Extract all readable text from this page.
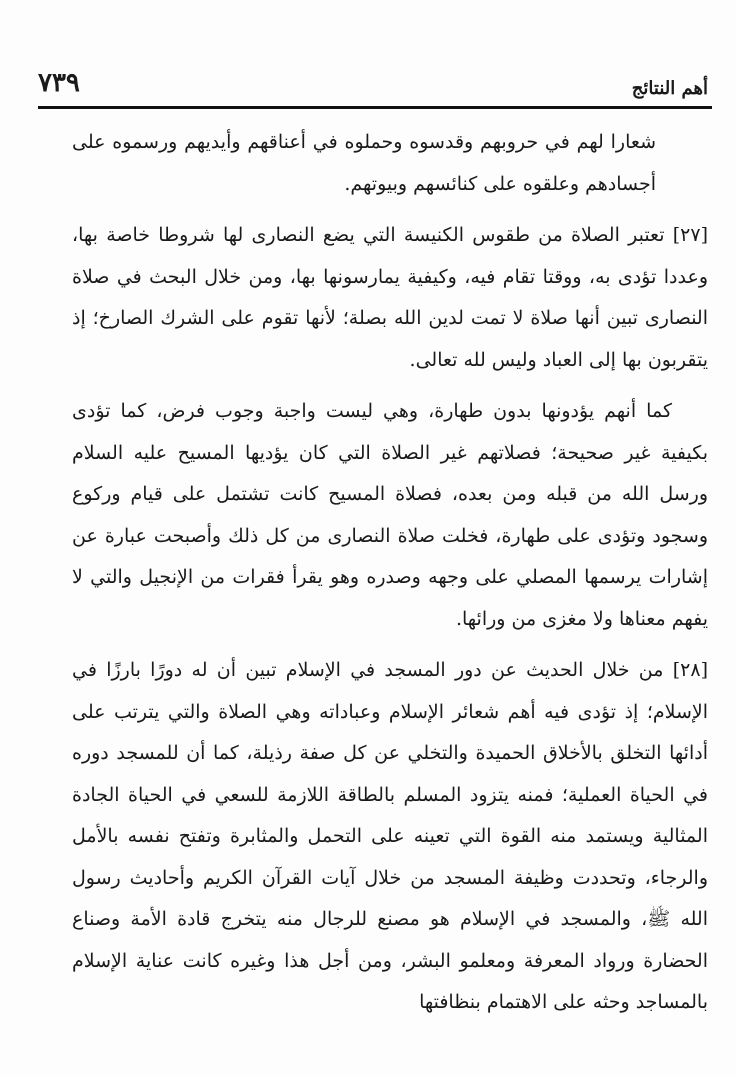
أهم النتائج
٧٣٩

شعارا لهم في حروبهم وقدسوه وحملوه في أعناقهم وأيديهم ورسموه على أجسادهم وعلقوه على كنائسهم وبيوتهم.

[٢٧] تعتبر الصلاة من طقوس الكنيسة التي يضع النصارى لها شروطا خاصة بها، وعددا تؤدى به، ووقتا تقام فيه، وكيفية يمارسونها بها، ومن خلال البحث في صلاة النصارى تبين أنها صلاة لا تمت لدين الله بصلة؛ لأنها تقوم على الشرك الصارخ؛ إذ يتقربون بها إلى العباد وليس لله تعالى.

كما أنهم يؤدونها بدون طهارة، وهي ليست واجبة وجوب فرض، كما تؤدى بكيفية غير صحيحة؛ فصلاتهم غير الصلاة التي كان يؤديها المسيح عليه السلام ورسل الله من قبله ومن بعده، فصلاة المسيح كانت تشتمل على قيام وركوع وسجود وتؤدى على طهارة، فخلت صلاة النصارى من كل ذلك وأصبحت عبارة عن إشارات يرسمها المصلي على وجهه وصدره وهو يقرأ فقرات من الإنجيل والتي لا يفهم معناها ولا مغزى من ورائها.

[٢٨] من خلال الحديث عن دور المسجد في الإسلام تبين أن له دورًا بارزًا في الإسلام؛ إذ تؤدى فيه أهم شعائر الإسلام وعباداته وهي الصلاة والتي يترتب على أدائها التخلق بالأخلاق الحميدة والتخلي عن كل صفة رذيلة، كما أن للمسجد دوره في الحياة العملية؛ فمنه يتزود المسلم بالطاقة اللازمة للسعي في الحياة الجادة المثالية ويستمد منه القوة التي تعينه على التحمل والمثابرة وتفتح نفسه بالأمل والرجاء، وتحددت وظيفة المسجد من خلال آيات القرآن الكريم وأحاديث رسول الله ﷺ، والمسجد في الإسلام هو مصنع للرجال منه يتخرج قادة الأمة وصناع الحضارة ورواد المعرفة ومعلمو البشر، ومن أجل هذا وغيره كانت عناية الإسلام بالمساجد وحثه على الاهتمام بنظافتها
